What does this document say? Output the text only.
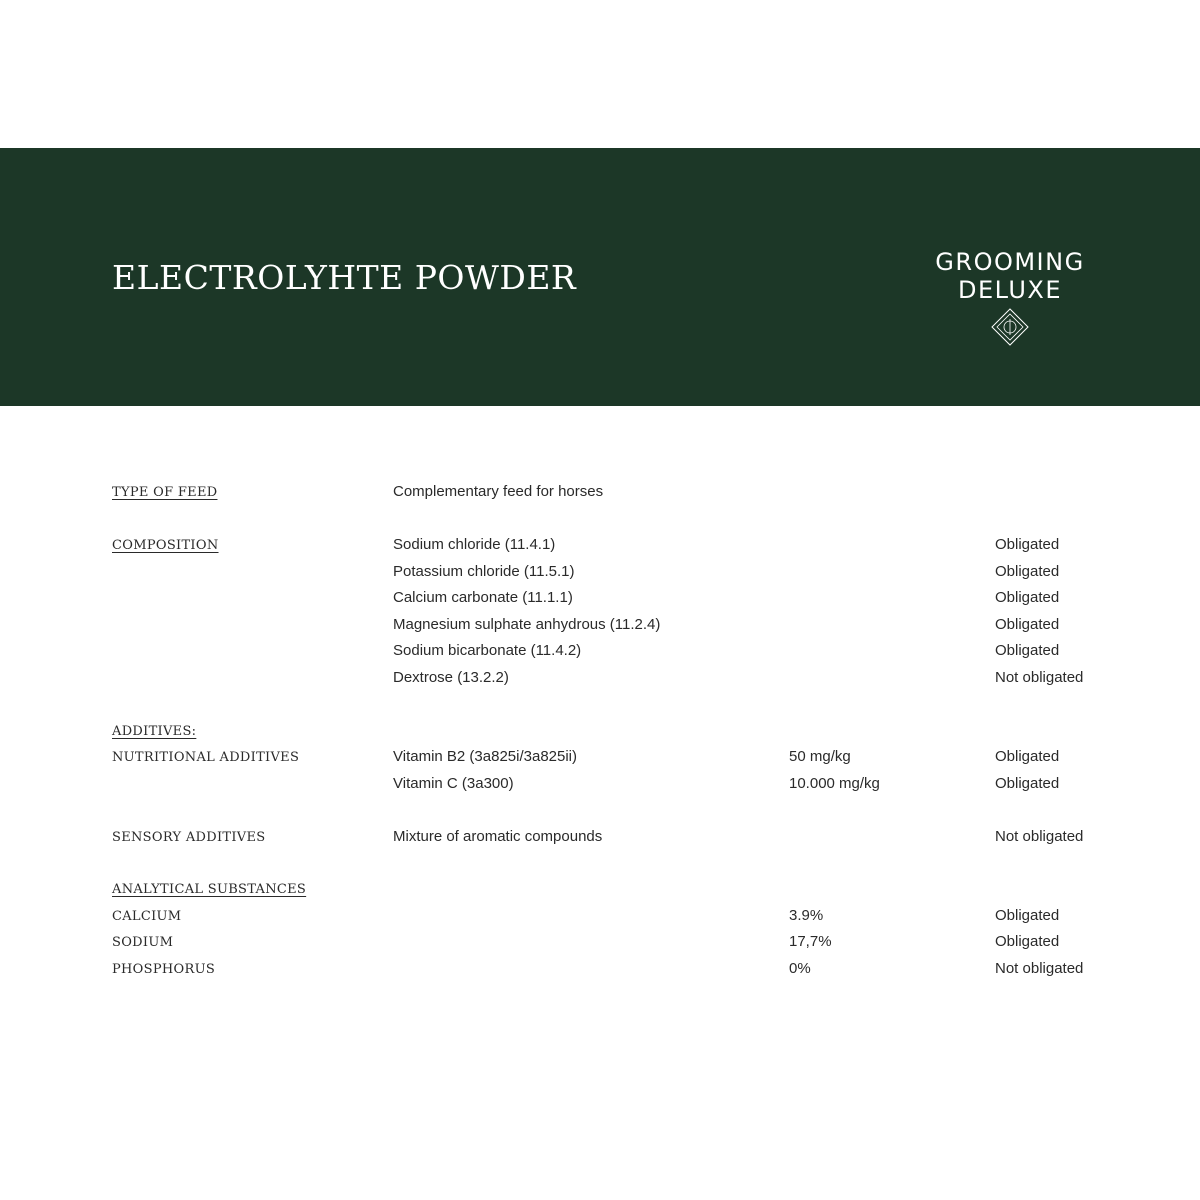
ELECTROLYHTE POWDER	GROOMING
DELUXE
TYPE OF FEED	Complementary feed for horses
COMPOSITION	Sodium chloride (11.4.1)	Obligated
Potassium chloride (11.5.1)	Obligated
Calcium carbonate (11.1.1)	Obligated
Magnesium sulphate anhydrous (11.2.4)	Obligated
Sodium bicarbonate (11.4.2)	Obligated
Dextrose (13.2.2)	Not obligated
ADDITIVES:
NUTRITIONAL ADDITIVES	Vitamin B2 (3a825i/3a825ii)	50 mg/kg	Obligated
Vitamin C (3a300)	10.000 mg/kg	Obligated
SENSORY ADDITIVES	Mixture of aromatic compounds	Not obligated
ANALYTICAL SUBSTANCES
CALCIUM	3.9%	Obligated
SODIUM	17,7%	Obligated
PHOSPHORUS	0%	Not obligated
